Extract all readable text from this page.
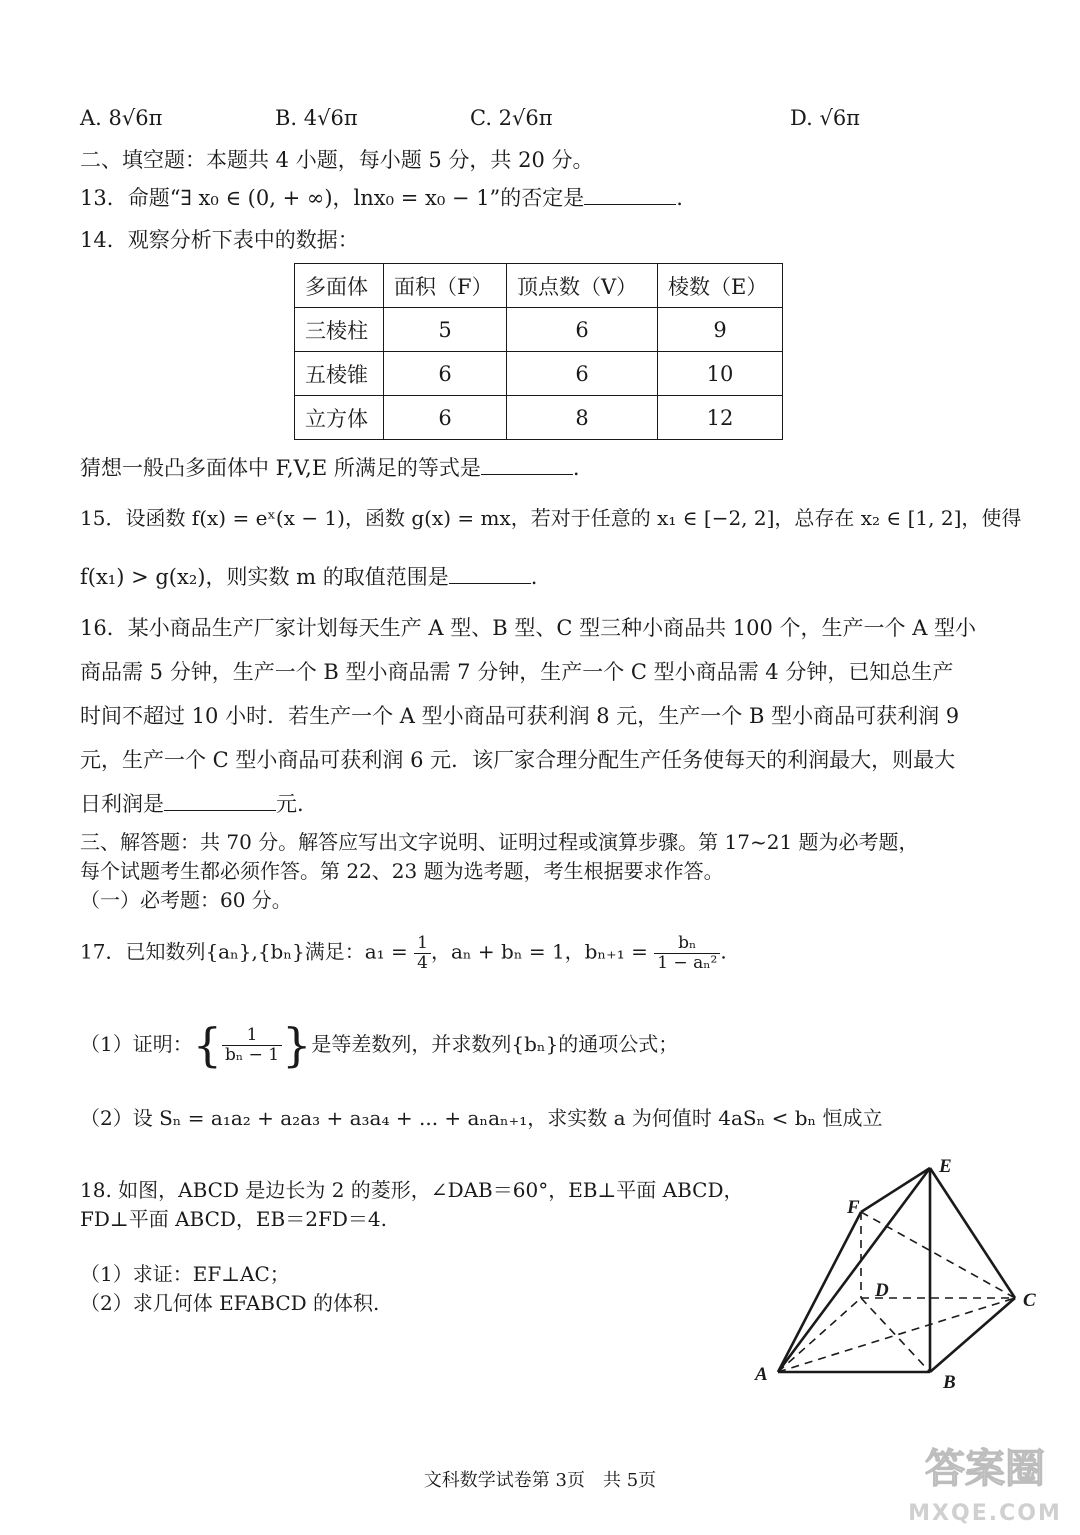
A. 8√6π	B. 4√6π	C. 2√6π	D. √6π
二、填空题：本题共 4 小题，每小题 5 分，共 20 分。
13．命题“∃ x₀ ∈ (0, + ∞)，lnx₀ = x₀ − 1”的否定是	.
14．观察分析下表中的数据：
多面体	面积（F）	顶点数（V）	棱数（E）
三棱柱	5	6	9
五棱锥	6	6	10
立方体	6	8	12
猜想一般凸多面体中 F,V,E 所满足的等式是	.
15．设函数 f(x) = eˣ(x − 1)，函数 g(x) = mx，若对于任意的 x₁ ∈ [−2, 2]，总存在 x₂ ∈ [1, 2]，使得
f(x₁) > g(x₂)，则实数 m 的取值范围是	.
16．某小商品生产厂家计划每天生产 A 型、B 型、C 型三种小商品共 100 个，生产一个 A 型小
商品需 5 分钟，生产一个 B 型小商品需 7 分钟，生产一个 C 型小商品需 4 分钟，已知总生产
时间不超过 10 小时．若生产一个 A 型小商品可获利润 8 元，生产一个 B 型小商品可获利润 9
元，生产一个 C 型小商品可获利润 6 元．该厂家合理分配生产任务使每天的利润最大，则最大
日利润是	元.
三、解答题：共 70 分。解答应写出文字说明、证明过程或演算步骤。第 17~21 题为必考题，
每个试题考生都必须作答。第 22、23 题为选考题，考生根据要求作答。
（一）必考题：60 分。
17．已知数列{aₙ},{bₙ}满足：$a_1 = \frac{1}{4}$ ，aₙ + bₙ = 1，$b_{n+1} = \frac{\text{bₙ}}{\text{1 − aₙ²}}$ .
（1）证明：{ $\frac{1}{\text{bₙ − 1}}$ }是等差数列，并求数列{bₙ}的通项公式；
（2）设 Sₙ = a₁a₂ + a₂a₃ + a₃a₄ + ... + aₙaₙ₊₁，求实数 a 为何值时 4aSₙ < bₙ 恒成立
18. 如图，ABCD 是边长为 2 的菱形，∠DAB＝60°，EB⊥平面 ABCD，
FD⊥平面 ABCD，EB＝2FD＝4.
（1）求证：EF⊥AC；
（2）求几何体 EFABCD 的体积.
E
F
D	C
A	B
文科数学试卷第 3页　共 5页	答案圈
MXQE.COM
